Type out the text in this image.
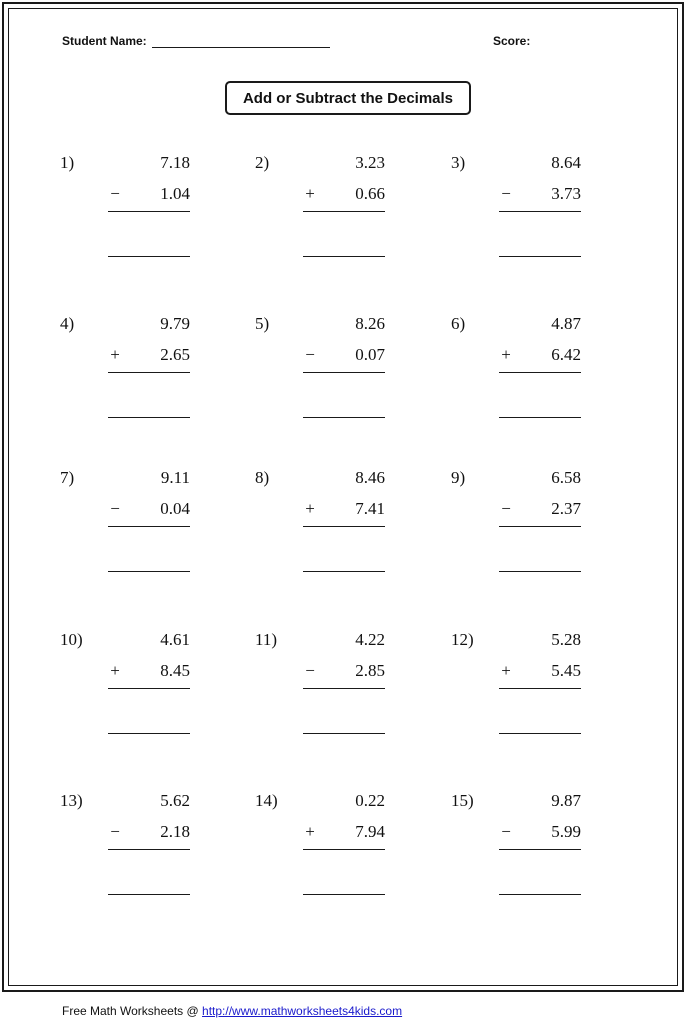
Student Name:	Score:
Add or Subtract the Decimals
1)	7.18
− 1.04
2)	3.23
+ 0.66
3)	8.64
− 3.73
4)	9.79
+ 2.65
5)	8.26
− 0.07
6)	4.87
+ 6.42
7)	9.11
− 0.04
8)	8.46
+ 7.41
9)	6.58
− 2.37
10)	4.61
+ 8.45
11)	4.22
− 2.85
12)	5.28
+ 5.45
13)	5.62
− 2.18
14)	0.22
+ 7.94
15)	9.87
− 5.99
Free Math Worksheets @ http://www.mathworksheets4kids.com
